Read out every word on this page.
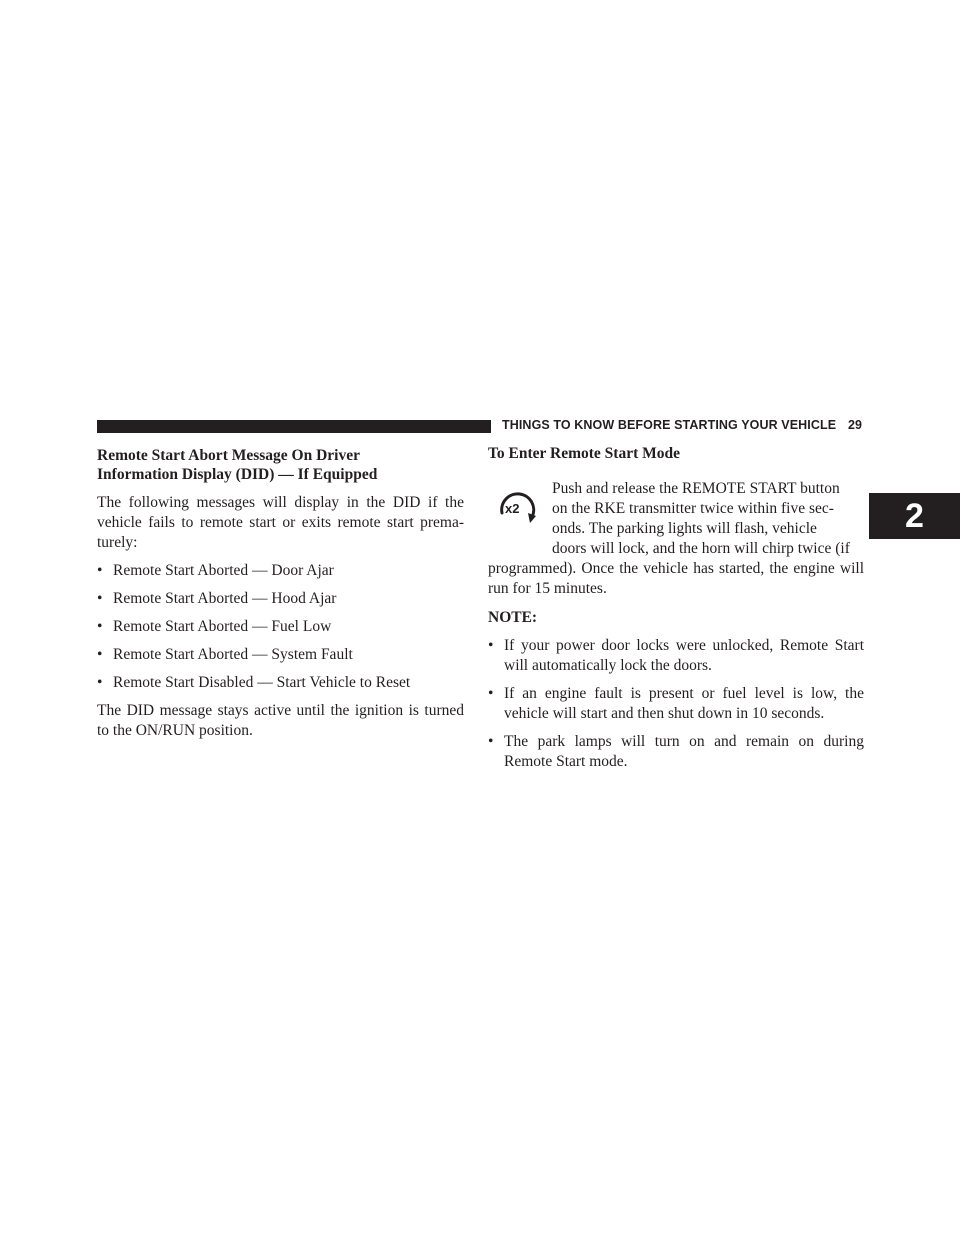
THINGS TO KNOW BEFORE STARTING YOUR VEHICLE 29
2
Remote Start Abort Message On Driver
Information Display (DID) — If Equipped

The following messages will display in the DID if the vehicle fails to remote start or exits remote start prema-turely:

• Remote Start Aborted — Door Ajar
• Remote Start Aborted — Hood Ajar
• Remote Start Aborted — Fuel Low
• Remote Start Aborted — System Fault
• Remote Start Disabled — Start Vehicle to Reset

The DID message stays active until the ignition is turned to the ON/RUN position.

To Enter Remote Start Mode
x2

Push and release the REMOTE START button

on the RKE transmitter twice within five sec-

onds. The parking lights will flash, vehicle

doors will lock, and the horn will chirp twice (if

programmed). Once the vehicle has started, the engine will run for 15 minutes.

NOTE:

• If your power door locks were unlocked, Remote Start will automatically lock the doors.
• If an engine fault is present or fuel level is low, the vehicle will start and then shut down in 10 seconds.
• The park lamps will turn on and remain on during Remote Start mode.
